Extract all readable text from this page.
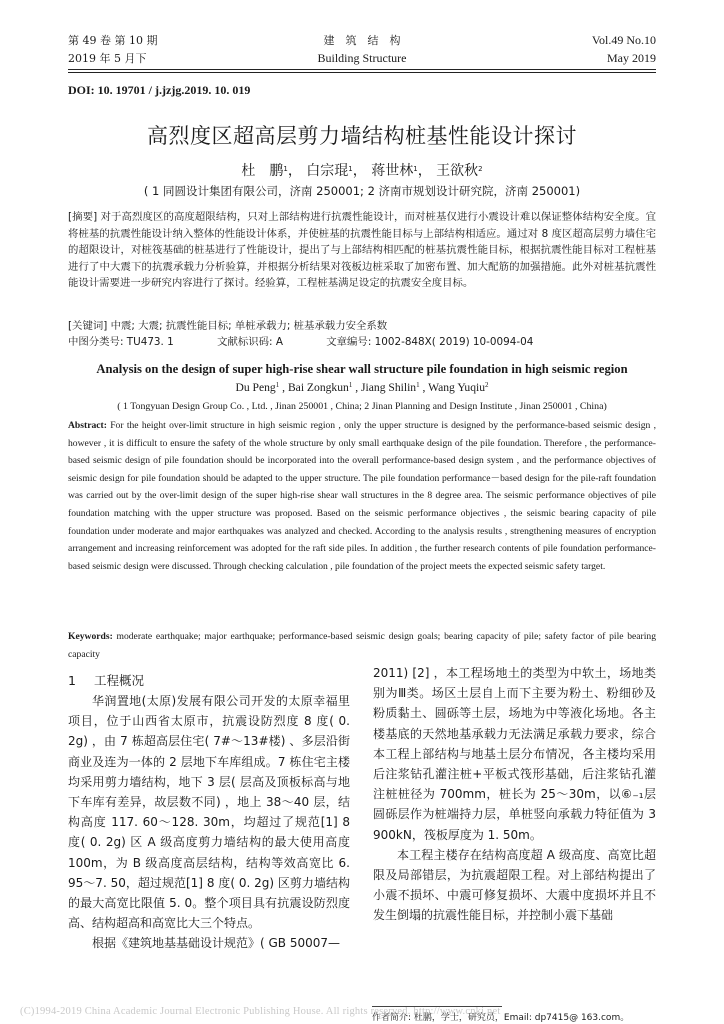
第 49 卷 第 10 期
2019 年 5 月下
建　筑　结　构
Building Structure
Vol.49 No.10
May 2019
DOI: 10. 19701 / j.jzjg.2019. 10. 019
高烈度区超高层剪力墙结构桩基性能设计探讨
杜　鹏$^1$， 白宗琨$^1$， 蒋世林$^1$， 王欲秋$^2$
( 1 同圆设计集团有限公司，济南 250001; 2 济南市规划设计研究院，济南 250001)
[摘要] 对于高烈度区的高度超限结构，只对上部结构进行抗震性能设计，而对桩基仅进行小震设计难以保证整体结构安全度。宜将桩基的抗震性能设计纳入整体的性能设计体系，并使桩基的抗震性能目标与上部结构相适应。通过对 8 度区超高层剪力墙住宅的超限设计，对桩筏基础的桩基进行了性能设计，提出了与上部结构相匹配的桩基抗震性能目标，根据抗震性能目标对工程桩基进行了中大震下的抗震承载力分析验算，并根据分析结果对筏板边桩采取了加密布置、加大配筋的加强措施。此外对桩基抗震性能设计需要进一步研究内容进行了探讨。经验算，工程桩基满足设定的抗震安全度目标。
[关键词] 中震; 大震; 抗震性能目标; 单桩承载力; 桩基承载力安全系数
中图分类号: TU473. 1	文献标识码: A	文章编号: 1002-848X( 2019) 10-0094-04
Analysis on the design of super high-rise shear wall structure pile foundation in high seismic region
Du Peng$^1$ , Bai Zongkun$^1$ , Jiang Shilin$^1$ , Wang Yuqiu$^2$
( 1 Tongyuan Design Group Co. , Ltd. , Jinan 250001 , China; 2 Jinan Planning and Design Institute , Jinan 250001 , China)
Abstract: For the height over-limit structure in high seismic region , only the upper structure is designed by the performance-based seismic design , however , it is difficult to ensure the safety of the whole structure by only small earthquake design of the pile foundation. Therefore , the performance-based seismic design of pile foundation should be incorporated into the overall performance-based design system , and the performance objectives of seismic design for pile foundation should be adapted to the upper structure. The pile foundation performance－based design for the pile-raft foundation was carried out by the over-limit design of the super high-rise shear wall structures in the 8 degree area. The seismic performance objectives of pile foundation matching with the upper structure was proposed. Based on the seismic performance objectives , the seismic bearing capacity of pile foundation under moderate and major earthquakes was analyzed and checked. According to the analysis results , strengthening measures of encryption arrangement and increasing reinforcement was adopted for the raft side piles. In addition , the further research contents of pile foundation performance-based seismic design were discussed. Through checking calculation , pile foundation of the project meets the expected seismic safety target.
Keywords: moderate earthquake; major earthquake; performance-based seismic design goals; bearing capacity of pile; safety factor of pile bearing capacity
1 工程概况

华润置地(太原)发展有限公司开发的太原幸福里项目，位于山西省太原市，抗震设防烈度 8 度( 0. 2g) ，由 7 栋超高层住宅( 7#～13#楼) 、多层沿街商业及连为一体的 2 层地下车库组成。7 栋住宅主楼均采用剪力墙结构，地下 3 层( 层高及顶板标高与地下车库有差异，故层数不同) ，地上 38～40 层，结构高度 117. 60～128. 30m，均超过了规范[1] 8 度( 0. 2g) 区 A 级高度剪力墙结构的最大使用高度 100m，为 B 级高度高层结构，结构等效高宽比 6. 95～7. 50，超过规范[1] 8 度( 0. 2g) 区剪力墙结构的最大高宽比限值 5. 0。整个项目具有抗震设防烈度高、结构超高和高宽比大三个特点。

根据《建筑地基基础设计规范》( GB 50007—

2011) [2] ，本工程场地土的类型为中软土，场地类别为Ⅲ类。场区土层自上而下主要为粉土、粉细砂及粉质黏土、圆砾等土层，场地为中等液化场地。各主楼基底的天然地基承载力无法满足承载力要求，综合本工程上部结构与地基土层分布情况，各主楼均采用后注浆钻孔灌注桩+平板式筏形基础，后注浆钻孔灌注桩桩径为 700mm，桩长为 25～30m，以⑥₋₁层圆砾层作为桩端持力层，单桩竖向承载力特征值为 3 900kN，筏板厚度为 1. 50m。

本工程主楼存在结构高度超 A 级高度、高宽比超限及局部错层，为抗震超限工程。对上部结构提出了小震不损坏、中震可修复损坏、大震中度损坏并且不发生倒塌的抗震性能目标，并控制小震下基础

作者简介: 杜鹏，学士，研究员，Email: dp7415@ 163.com。
(C)1994-2019 China Academic Journal Electronic Publishing House. All rights reserved. http://www.cnki.net
